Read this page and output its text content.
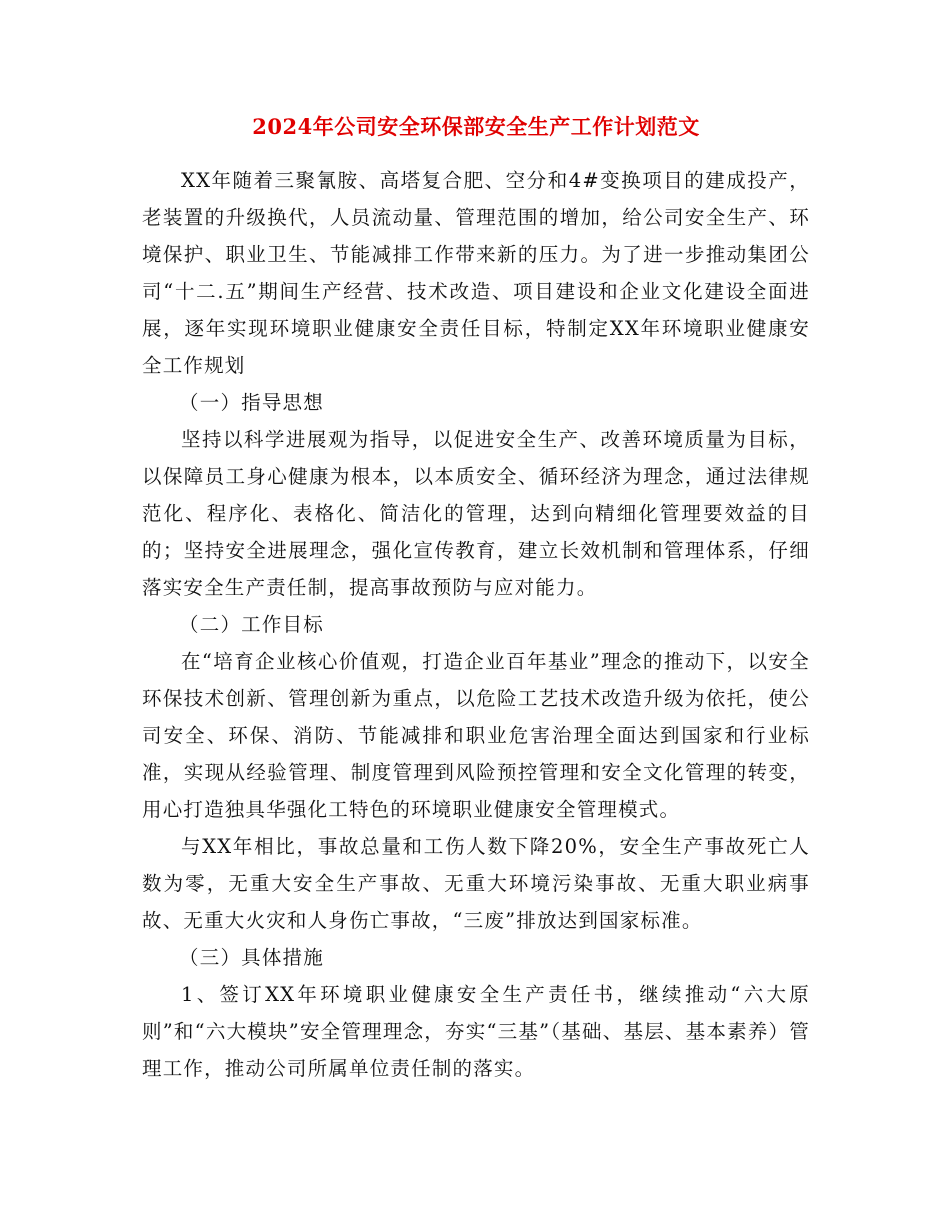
2024年公司安全环保部安全生产工作计划范文

XX年随着三聚氰胺、高塔复合肥、空分和4#变换项目的建成投产，老装置的升级换代，人员流动量、管理范围的增加，给公司安全生产、环境保护、职业卫生、节能减排工作带来新的压力。为了进一步推动集团公司“十二.五”期间生产经营、技术改造、项目建设和企业文化建设全面进展，逐年实现环境职业健康安全责任目标，特制定XX年环境职业健康安全工作规划

（一）指导思想

坚持以科学进展观为指导，以促进安全生产、改善环境质量为目标，以保障员工身心健康为根本，以本质安全、循环经济为理念，通过法律规范化、程序化、表格化、简洁化的管理，达到向精细化管理要效益的目的；坚持安全进展理念，强化宣传教育，建立长效机制和管理体系，仔细落实安全生产责任制，提高事故预防与应对能力。

（二）工作目标

在“培育企业核心价值观，打造企业百年基业”理念的推动下，以安全环保技术创新、管理创新为重点，以危险工艺技术改造升级为依托，使公司安全、环保、消防、节能减排和职业危害治理全面达到国家和行业标准，实现从经验管理、制度管理到风险预控管理和安全文化管理的转变，用心打造独具华强化工特色的环境职业健康安全管理模式。

与XX年相比，事故总量和工伤人数下降20%，安全生产事故死亡人数为零，无重大安全生产事故、无重大环境污染事故、无重大职业病事故、无重大火灾和人身伤亡事故，“三废”排放达到国家标准。

（三）具体措施

1、签订XX年环境职业健康安全生产责任书，继续推动“六大原则”和“六大模块”安全管理理念，夯实“三基”（基础、基层、基本素养）管理工作，推动公司所属单位责任制的落实。
